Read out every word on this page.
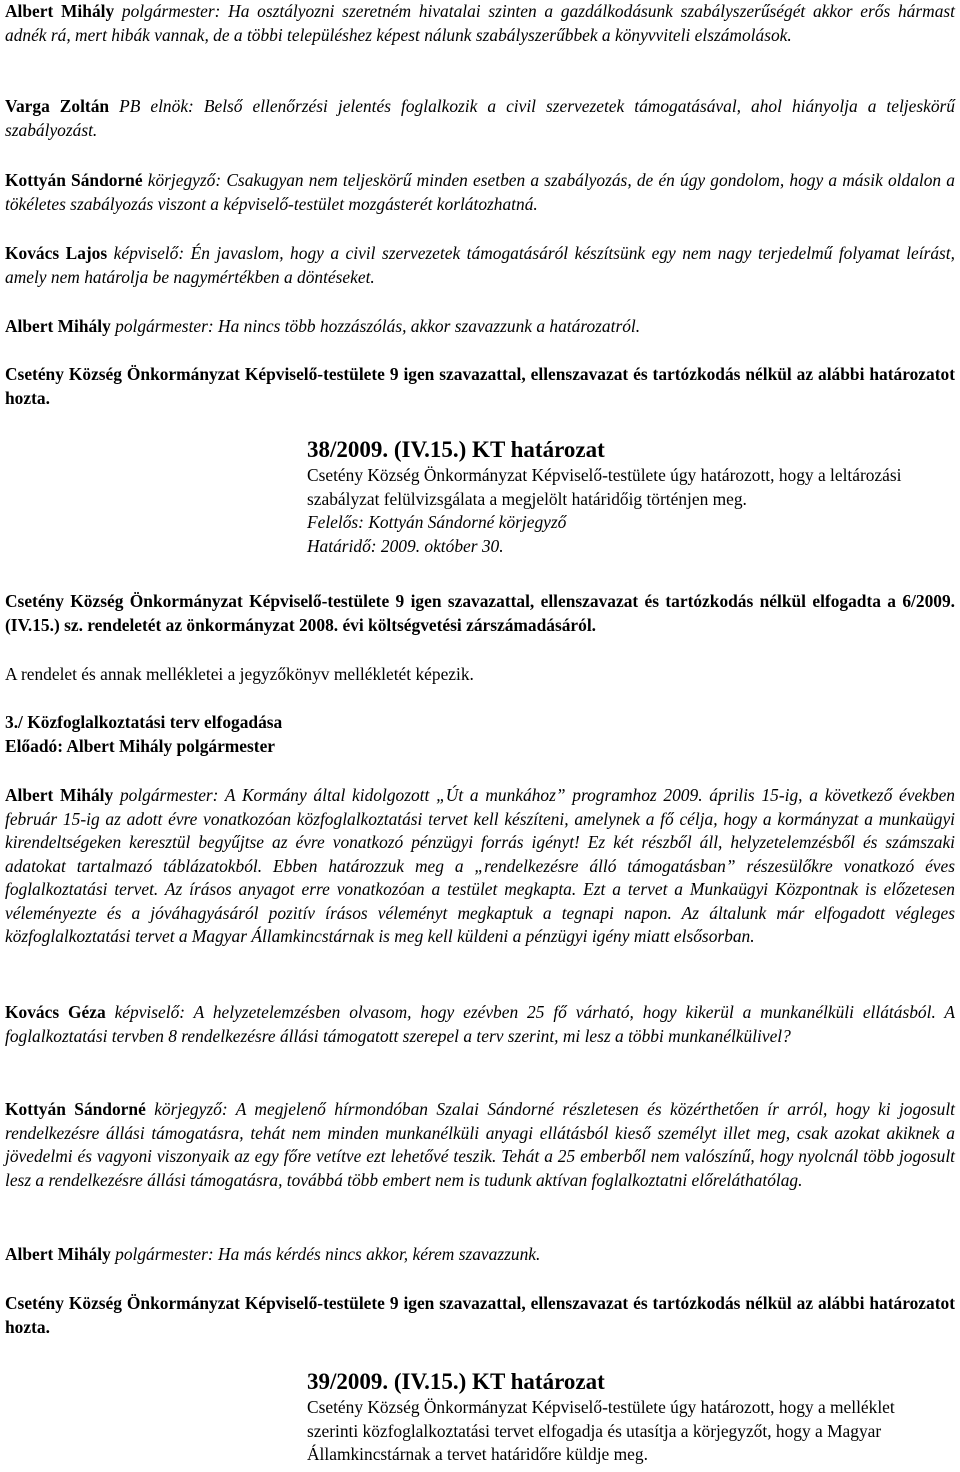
Albert Mihály polgármester: Ha osztályozni szeretném hivatalai szinten a gazdálkodásunk szabályszerűségét akkor erős hármast adnék rá, mert hibák vannak, de a többi településhez képest nálunk szabályszerűbbek a könyvviteli elszámolások.

Varga Zoltán PB elnök: Belső ellenőrzési jelentés foglalkozik a civil szervezetek támogatásával, ahol hiányolja a teljeskörű szabályozást.

Kottyán Sándorné körjegyző: Csakugyan nem teljeskörű minden esetben a szabályozás, de én úgy gondolom, hogy a másik oldalon a tökéletes szabályozás viszont a képviselő-testület mozgásterét korlátozhatná.

Kovács Lajos képviselő: Én javaslom, hogy a civil szervezetek támogatásáról készítsünk egy nem nagy terjedelmű folyamat leírást, amely nem határolja be nagymértékben a döntéseket.

Albert Mihály polgármester: Ha nincs több hozzászólás, akkor szavazzunk a határozatról.

Csetény Község Önkormányzat Képviselő-testülete 9 igen szavazattal, ellenszavazat és tartózkodás nélkül az alábbi határozatot hozta.

38/2009. (IV.15.) KT határozat

Csetény Község Önkormányzat Képviselő-testülete úgy határozott, hogy a leltározási szabályzat felülvizsgálata a megjelölt határidőig történjen meg.

Felelős: Kottyán Sándorné körjegyző

Határidő: 2009. október 30.

Csetény Község Önkormányzat Képviselő-testülete 9 igen szavazattal, ellenszavazat és tartózkodás nélkül elfogadta a 6/2009. (IV.15.) sz. rendeletét az önkormányzat 2008. évi költségvetési zárszámadásáról.

A rendelet és annak mellékletei a jegyzőkönyv mellékletét képezik.

3./ Közfoglalkoztatási terv elfogadása

Előadó: Albert Mihály polgármester

Albert Mihály polgármester: A Kormány által kidolgozott „Út a munkához” programhoz 2009. április 15-ig, a következő években február 15-ig az adott évre vonatkozóan közfoglalkoztatási tervet kell készíteni, amelynek a fő célja, hogy a kormányzat a munkaügyi kirendeltségeken keresztül begyűjtse az évre vonatkozó pénzügyi forrás igényt! Ez két részből áll, helyzetelemzésből és számszaki adatokat tartalmazó táblázatokból. Ebben határozzuk meg a „rendelkezésre álló támogatásban” részesülőkre vonatkozó éves foglalkoztatási tervet. Az írásos anyagot erre vonatkozóan a testület megkapta. Ezt a tervet a Munkaügyi Központnak is előzetesen véleményezte és a jóváhagyásáról pozitív írásos véleményt megkaptuk a tegnapi napon. Az általunk már elfogadott végleges közfoglalkoztatási tervet a Magyar Államkincstárnak is meg kell küldeni a pénzügyi igény miatt elsősorban.

Kovács Géza képviselő: A helyzetelemzésben olvasom, hogy ezévben 25 fő várható, hogy kikerül a munkanélküli ellátásból. A foglalkoztatási tervben 8 rendelkezésre állási támogatott szerepel a terv szerint, mi lesz a többi munkanélkülivel?

Kottyán Sándorné körjegyző: A megjelenő hírmondóban Szalai Sándorné részletesen és közérthetően ír arról, hogy ki jogosult rendelkezésre állási támogatásra, tehát nem minden munkanélküli anyagi ellátásból kieső személyt illet meg, csak azokat akiknek a jövedelmi és vagyoni viszonyaik az egy főre vetítve ezt lehetővé teszik. Tehát a 25 emberből nem valószínű, hogy nyolcnál több jogosult lesz a rendelkezésre állási támogatásra, továbbá több embert nem is tudunk aktívan foglalkoztatni előreláthatólag.

Albert Mihály polgármester: Ha más kérdés nincs akkor, kérem szavazzunk.

Csetény Község Önkormányzat Képviselő-testülete 9 igen szavazattal, ellenszavazat és tartózkodás nélkül az alábbi határozatot hozta.

39/2009. (IV.15.) KT határozat

Csetény Község Önkormányzat Képviselő-testülete úgy határozott, hogy a melléklet szerinti közfoglalkoztatási tervet elfogadja és utasítja a körjegyzőt, hogy a Magyar Államkincstárnak a tervet határidőre küldje meg.
